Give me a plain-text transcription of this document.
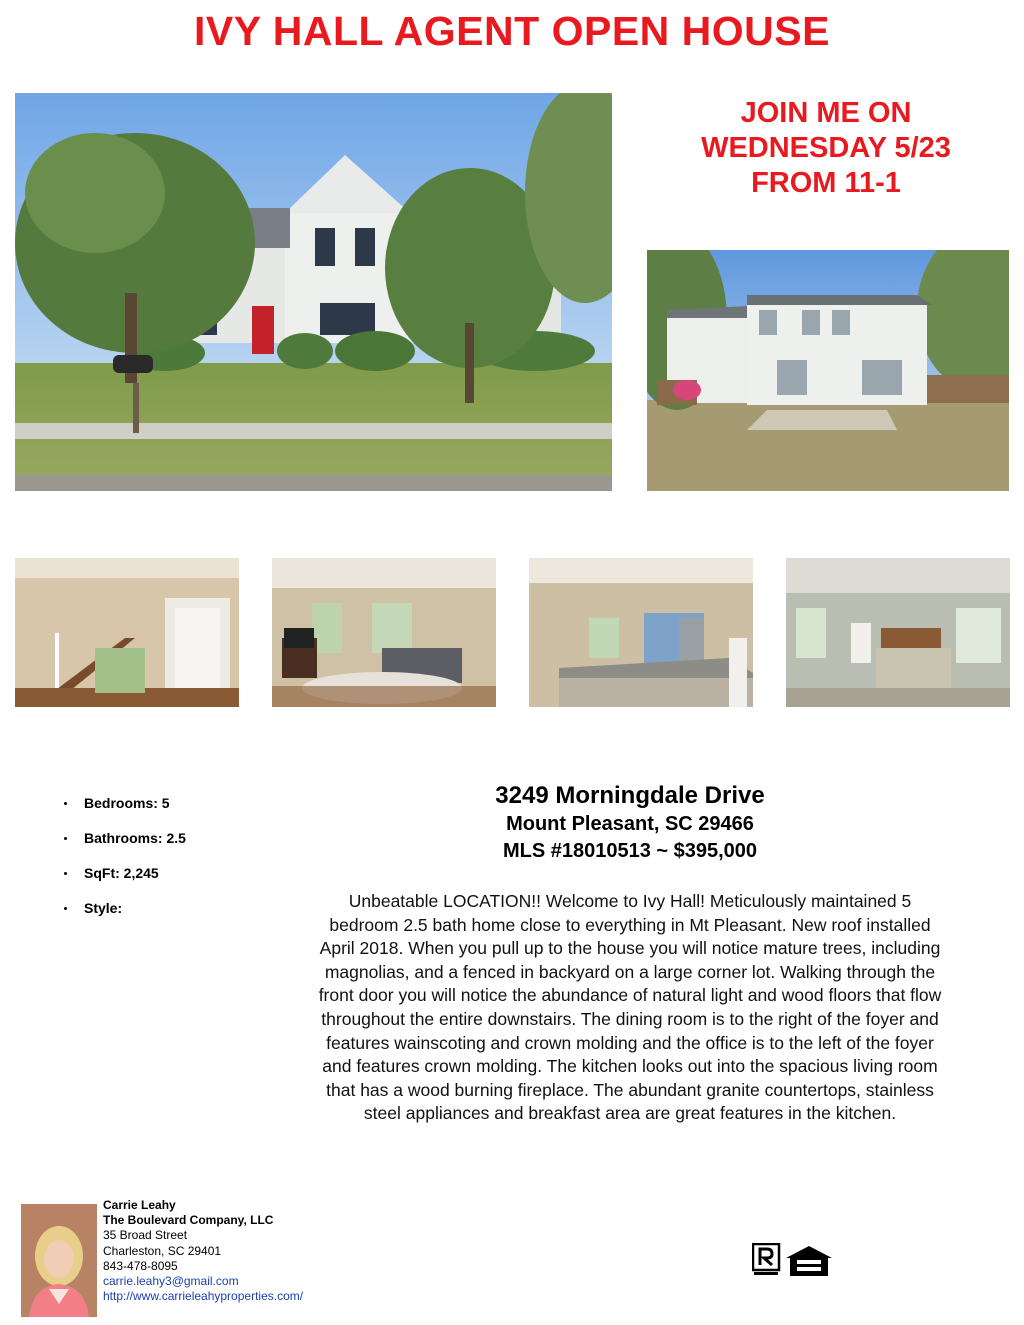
IVY HALL AGENT OPEN HOUSE
JOIN ME ON
WEDNESDAY 5/23
FROM 11-1
Bedrooms: 5
Bathrooms: 2.5
SqFt: 2,245
Style:
3249 Morningdale Drive
Mount Pleasant, SC 29466
MLS #18010513 ~ $395,000
Unbeatable LOCATION!! Welcome to Ivy Hall! Meticulously maintained 5
bedroom 2.5 bath home close to everything in Mt Pleasant. New roof installed
April 2018. When you pull up to the house you will notice mature trees, including
magnolias, and a fenced in backyard on a large corner lot. Walking through the
front door you will notice the abundance of natural light and wood floors that flow
throughout the entire downstairs. The dining room is to the right of the foyer and
features wainscoting and crown molding and the office is to the left of the foyer
and features crown molding. The kitchen looks out into the spacious living room
that has a wood burning fireplace. The abundant granite countertops, stainless
steel appliances and breakfast area are great features in the kitchen.
Carrie Leahy
The Boulevard Company, LLC
35 Broad Street
Charleston, SC 29401
843-478-8095
carrie.leahy3@gmail.com
http://www.carrieleahyproperties.com/
